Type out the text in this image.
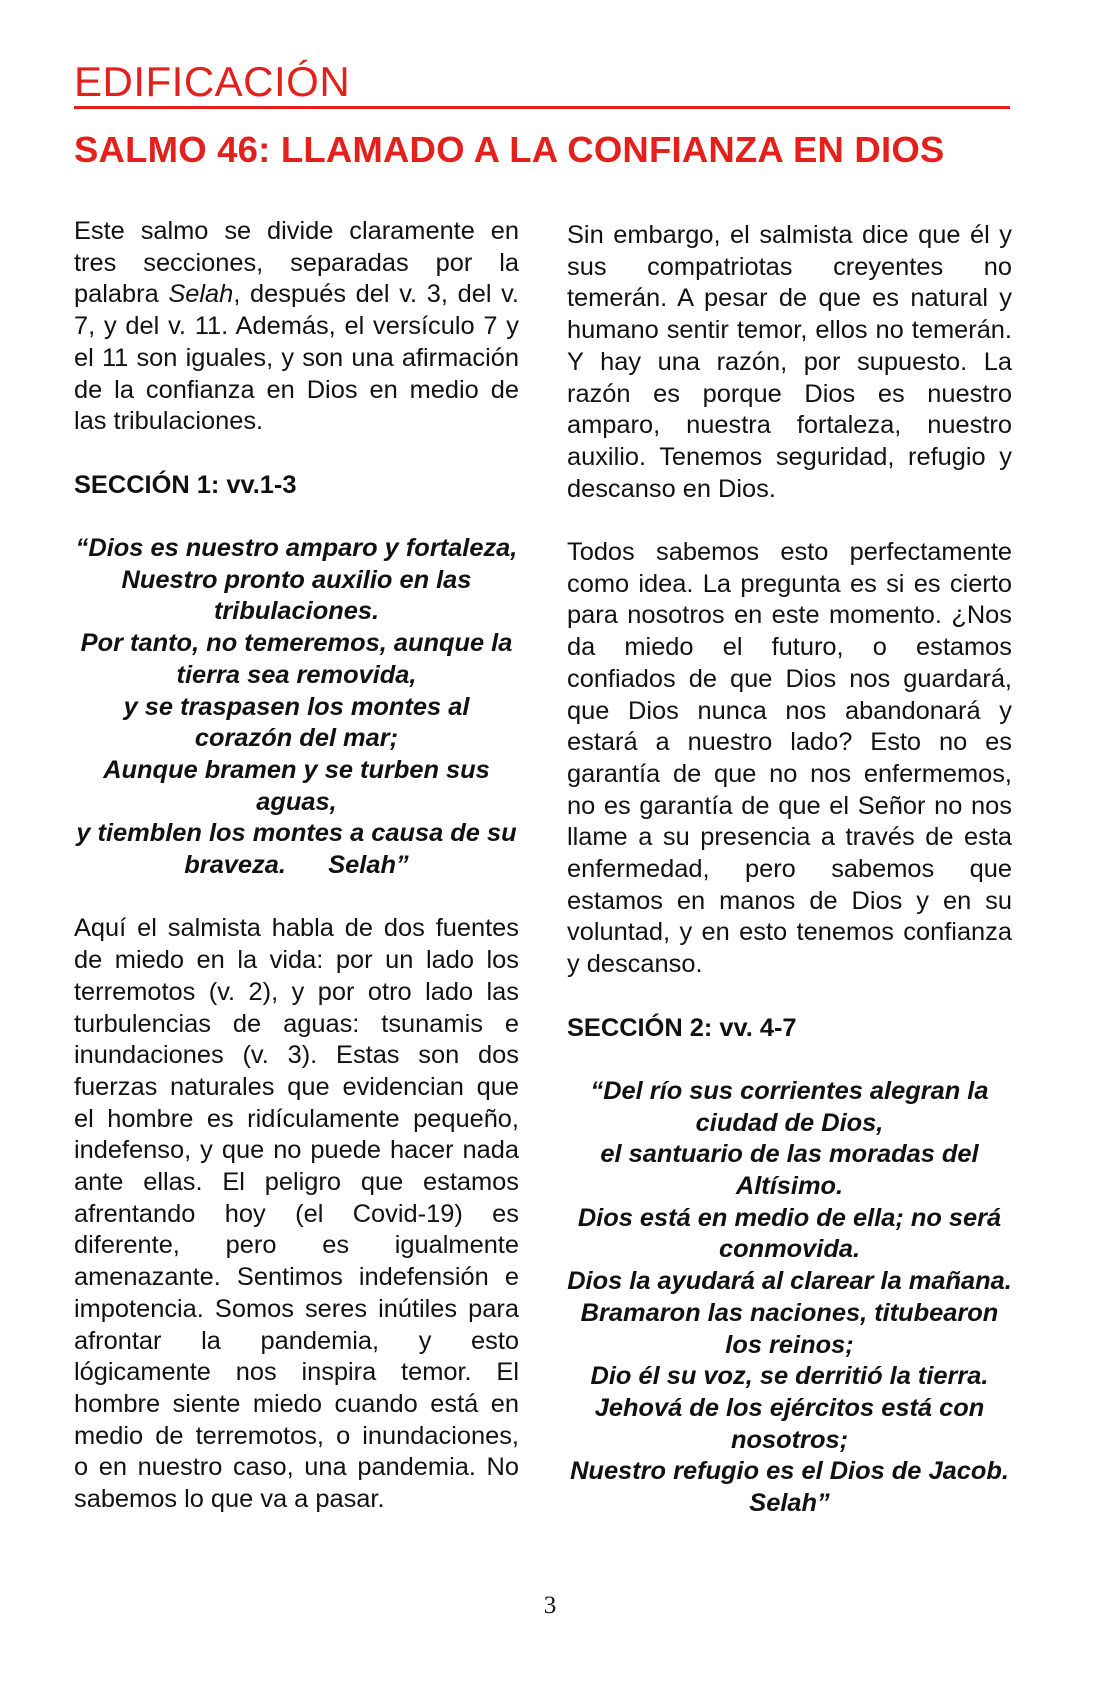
EDIFICACIÓN
SALMO 46: LLAMADO A LA CONFIANZA EN DIOS

Este salmo se divide claramente en tres secciones, separadas por la palabra Selah, después del v. 3, del v. 7, y del v. 11. Además, el versículo 7 y el 11 son iguales, y son una afirmación de la confianza en Dios en medio de las tribulaciones.

SECCIÓN 1: vv.1-3

“Dios es nuestro amparo y fortaleza,
Nuestro pronto auxilio en las tribulaciones.
Por tanto, no temeremos, aunque la tierra sea removida,
y se traspasen los montes al corazón del mar;
Aunque bramen y se turben sus aguas,
y tiemblen los montes a causa de su braveza.      Selah”

Aquí el salmista habla de dos fuentes de miedo en la vida: por un lado los terremotos (v. 2), y por otro lado las turbulencias de aguas: tsunamis e inundaciones (v. 3). Estas son dos fuerzas naturales que evidencian que el hombre es ridículamente pequeño, indefenso, y que no puede hacer nada ante ellas. El peligro que estamos afrentando hoy (el Covid-19) es diferente, pero es igualmente amenazante. Sentimos indefensión e impotencia. Somos seres inútiles para afrontar la pandemia, y esto lógicamente nos inspira temor. El hombre siente miedo cuando está en medio de terremotos, o inundaciones, o en nuestro caso, una pandemia. No sabemos lo que va a pasar.

Sin embargo, el salmista dice que él y sus compatriotas creyentes no temerán. A pesar de que es natural y humano sentir temor, ellos no temerán. Y hay una razón, por supuesto. La razón es porque Dios es nuestro amparo, nuestra fortaleza, nuestro auxilio. Tenemos seguridad, refugio y descanso en Dios.

Todos sabemos esto perfectamente como idea. La pregunta es si es cierto para nosotros en este momento. ¿Nos da miedo el futuro, o estamos confiados de que Dios nos guardará, que Dios nunca nos abandonará y estará a nuestro lado? Esto no es garantía de que no nos enfermemos, no es garantía de que el Señor no nos llame a su presencia a través de esta enfermedad, pero sabemos que estamos en manos de Dios y en su voluntad, y en esto tenemos confianza y descanso.

SECCIÓN 2: vv. 4-7

“Del río sus corrientes alegran la ciudad de Dios,
el santuario de las moradas del Altísimo.
Dios está en medio de ella; no será conmovida.
Dios la ayudará al clarear la mañana.
Bramaron las naciones, titubearon los reinos;
Dio él su voz, se derritió la tierra.
Jehová de los ejércitos está con nosotros;
Nuestro refugio es el Dios de Jacob. Selah”

3
